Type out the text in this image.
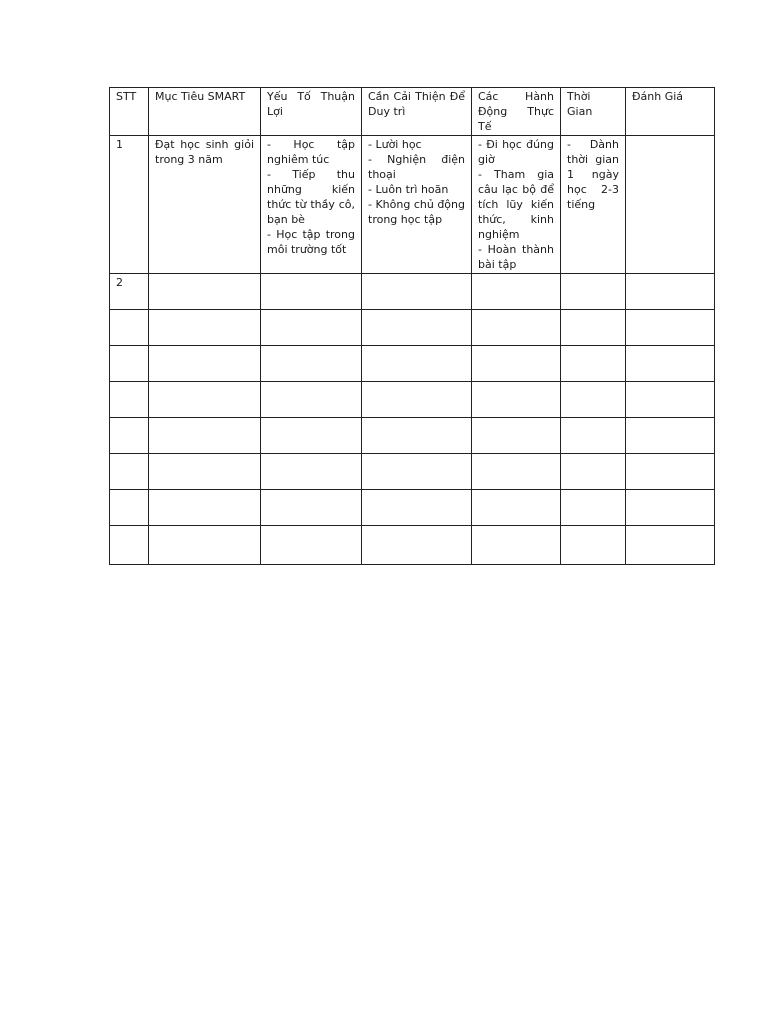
STT	Mục Tiêu SMART	Yếu Tố Thuận Lợi	Cần Cải Thiện Để Duy trì	Các Hành Động Thực Tế	Thời Gian	Đánh Giá
1	Đạt học sinh giỏi trong 3 năm	- Học tập nghiêm túc
- Tiếp thu những kiến thức từ thầy cô, bạn bè
- Học tập trong môi trường tốt	- Lười học
- Nghiện điện thoại
- Luôn trì hoãn
- Không chủ động trong học tập	- Đi học đúng giờ
- Tham gia câu lạc bộ để tích lũy kiến thức, kinh nghiệm
- Hoàn thành bài tập	- Dành thời gian 1 ngày học 2-3 tiếng	
2						
